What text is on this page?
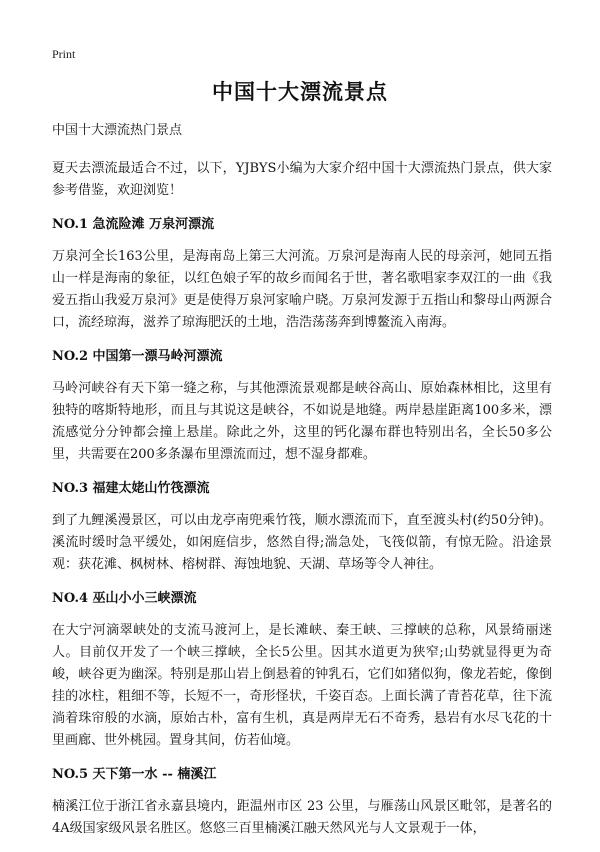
Print
中国十大漂流景点

中国十大漂流热门景点

夏天去漂流最适合不过，以下，YJBYS小编为大家介绍中国十大漂流热门景点，供大家参考借鉴，欢迎浏览！

NO.1 急流险滩 万泉河漂流

万泉河全长163公里，是海南岛上第三大河流。万泉河是海南人民的母亲河，她同五指山一样是海南的象征，以红色娘子军的故乡而闻名于世，著名歌唱家李双江的一曲《我爱五指山我爱万泉河》更是使得万泉河家喻户晓。万泉河发源于五指山和黎母山两源合口，流经琼海，滋养了琼海肥沃的土地，浩浩荡荡奔到博鳌流入南海。

NO.2 中国第一漂马岭河漂流

马岭河峡谷有天下第一缝之称，与其他漂流景观都是峡谷高山、原始森林相比，这里有独特的喀斯特地形，而且与其说这是峡谷，不如说是地缝。两岸悬崖距离100多米，漂流感觉分分钟都会撞上悬崖。除此之外，这里的钙化瀑布群也特别出名，全长50多公里，共需要在200多条瀑布里漂流而过，想不湿身都难。

NO.3 福建太姥山竹筏漂流

到了九鲤溪漫景区，可以由龙亭南兜乘竹筏，顺水漂流而下，直至渡头村(约50分钟)。溪流时缓时急平缓处，如闲庭信步，悠然自得;湍急处，飞筏似箭，有惊无险。沿途景观：获花滩、枫树林、榕树群、海蚀地貌、天湖、草场等令人神往。

NO.4 巫山小小三峡漂流

在大宁河滴翠峡处的支流马渡河上，是长滩峡、秦王峡、三撑峡的总称，风景绮丽迷人。目前仅开发了一个峡三撑峡，全长5公里。因其水道更为狭窄;山势就显得更为奇峻，峡谷更为幽深。特别是那山岩上倒悬着的钟乳石，它们如猪似狗，像龙若蛇，像倒挂的冰柱，粗细不等，长短不一，奇形怪状，千姿百态。上面长满了青苔花草，往下流淌着珠帘般的水滴，原始古朴，富有生机，真是两岸无石不奇秀，悬岩有水尽飞花的十里画廊、世外桃园。置身其间，仿若仙境。

NO.5 天下第一水 -- 楠溪江

楠溪江位于浙江省永嘉县境内，距温州市区 23 公里，与雁荡山风景区毗邻，是著名的4A级国家级风景名胜区。悠悠三百里楠溪江融天然风光与人文景观于一体，
